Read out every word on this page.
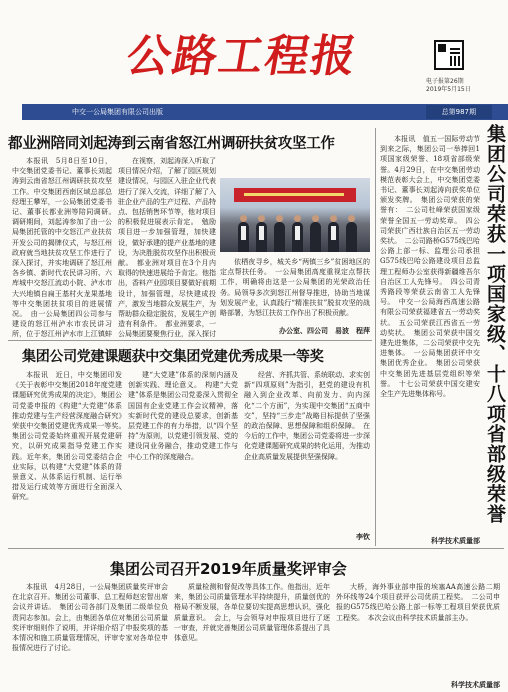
公路工程报	电子报第26期
2019年5月15日
中交一公局集团有限公司出版	总第987期
都业洲陪同刘起涛到云南省怒江州调研扶贫攻坚工作

本报讯　5月8日至10日，中交集团党委书记、董事长刘起涛到云南省怒江州调研扶贫攻坚工作。中交集团西南区域总部总经理王攀军，一公局集团党委书记、董事长都业洲等陪同调研。　调研期间，刘起涛参加了由一公局集团托管的中交怒江产业扶贫开发公司的揭牌仪式，与怒江州政府就当地扶贫攻坚工作进行了深入探讨，并实地调研了怒江州各乡镇、新时代农民讲习所、六库城中交怒江流动小院、泸水市大兴地镇自扁王基村火龙果基地等中交集团扶贫项目的进展情况。　由一公局集团四公司参与建设的怒江州泸水市农民讲习所，位于怒江州泸水市上江镇蚌

在视察，刘起涛深入听取了项目情况介绍，了解了园区规划建设情况，与园区入驻企业代表进行了深入交流，详细了解了入驻企业产品的生产过程、产品特点、包括销售环节等，他对项目的积极促进展表示肯定。　勉励项目进一步加强管理，加快建设，做好承建的提产业基地的建设，为决胜脱贫攻坚作出积极贡献。　都业洲对项目在3个月内取得的快速进展给予肯定。他指出，香料产业园项目要做好前期设计，加强管理，尽快建成投产，激发当地群众发展生产，为帮助群众稳定脱贫，发展生产创造有利条件。　都业洲要求，一公局集团要聚焦行业，深入探讨

依栖夜寻乡，城关乡“两镇三乡”贫困地区的定点帮扶任务。　一公局集团高度重视定点帮扶工作，明确将由这是一公局集团的光荣政治任务。局领导多次到怒江州督导推进，协助当地谋划发展产业，认真践行“精准扶贫”脱贫攻坚的战略部署，为怒江扶贫工作作出了积极贡献。

办公室、四公司　易波　程萍

本报讯　值五一国际劳动节到来之际，集团公司一举捧回1项国家级荣誉、18项省部级荣誉。4月29日，在中交集团劳动模范表彰大会上，中交集团党委书记、董事长刘起涛向获奖单位颁发奖牌。　集团公司荣获的荣誉有：　二公司杜峰荣获国家级荣誉全国五一劳动奖章。　四公司荣获广西壮族自治区五一劳动奖状。　二公司路桥G575线巴哈公路上部一标、监理公司承担G575线巴哈公路建设项目总监理工程师办公室获得新疆维吾尔自治区工人先锋号。　四公司青秀路段等荣获云南省工人先锋号。　中交一公局海西高速公路有限公司荣获福建省五一劳动奖状。　五公司荣获江西省五一劳动奖状。　集团公司荣获中国交建先进集体，二公司荣获中交先进集体。　一公局集团获评中交集团优秀企业。　集团公司荣获中交集团先进基层党组织等荣誉。　十七公司荣获中国交建安全生产先进集体称号。

科学技术质量部
集团公司荣获一项国家级、十八项省部级荣誉
集团公司党建课题获中交集团党建优秀成果一等奖

本报讯　近日，中交集团印发《关于表彰中交集团2018年度党建课题研究优秀成果的决定》，集团公司党委申报的《构建“大党建”体系推动党建与生产经营深度融合研究》荣获中交集团党建优秀成果一等奖。　集团公司党委始终重视开展党建研究，以研究成果指导党建工作实践。近年来，集团公司党委结合企业实际，以构建“大党建”体系的背景意义、从体系运行机制、运行举措及运行成效等方面进行全面深入研究。

建“大党建”体系的深刻内涵及创新实践、理论意义。　构建“大党建”体系是集团公司党委深入贯彻全国国有企业党建工作会议精神，落实新时代党的建设总要求，创新基层党建工作的有力举措，以“四个坚持”为原则，以党建引领发展、党的建设同业务融合，推动党建工作与中心工作的深度融合。

经营、齐抓共管、系统联动、求实创新“四项原则”为指引，把党的建设有机融入到企业改革、向前发力、向内深化“二个方面”，为实现中交集团“五商中交”，坚持“三步走”战略目标提供了坚强的政治保障、思想保障和组织保障。　在今后的工作中，集团公司党委将进一步深化党建课题研究成果的转化运用，为推动企业高质量发展提供坚强保障。

李钦
集团公司召开2019年质量奖评审会

本报讯　4月28日，一公局集团质量奖评审会在北京召开。集团公司董事、总工程师赵宏智出席会议并讲话。　集团公司各部门及集团二级单位负责同志参加。会上，由集团各单位对集团公司质量奖评审细则作了说明，并详细介绍了申报奖项的基本情况和施工质量管理情况，评审专家对各单位申报情况进行了讨论。

质量检测和督促改等具体工作。他指出，近年来，集团公司质量管理水平持续提升，质量创优的格局不断发展，各单位要切实提高思想认识，强化质量意识。　会上，与会领导对申报项目进行了逐一审查，并就完善集团公司质量管理体系提出了具体意见。

大桥，海外事业部申报的埃塞AA高速公路二期外环线等24个项目获评公司优质工程奖。　二公司申报的G575线巴哈公路上部一标等工程项目荣获优质工程奖。　本次会议由科学技术质量部主办。

科学技术质量部
